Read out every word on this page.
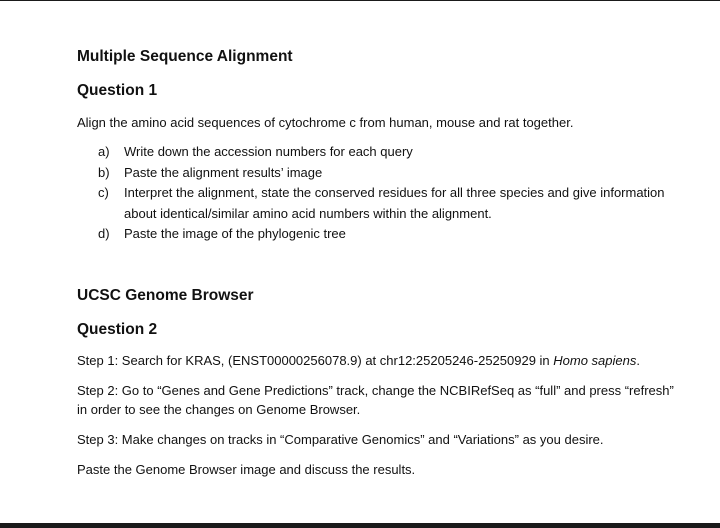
Multiple Sequence Alignment
Question 1

Align the amino acid sequences of cytochrome c from human, mouse and rat together.

a) Write down the accession numbers for each query
b) Paste the alignment results’ image
c) Interpret the alignment, state the conserved residues for all three species and give information about identical/similar amino acid numbers within the alignment.
d) Paste the image of the phylogenic tree
UCSC Genome Browser
Question 2

Step 1: Search for KRAS, (ENST00000256078.9) at chr12:25205246-25250929 in Homo sapiens.

Step 2: Go to “Genes and Gene Predictions” track, change the NCBIRefSeq as “full” and press “refresh” in order to see the changes on Genome Browser.

Step 3: Make changes on tracks in “Comparative Genomics” and “Variations” as you desire.

Paste the Genome Browser image and discuss the results.
